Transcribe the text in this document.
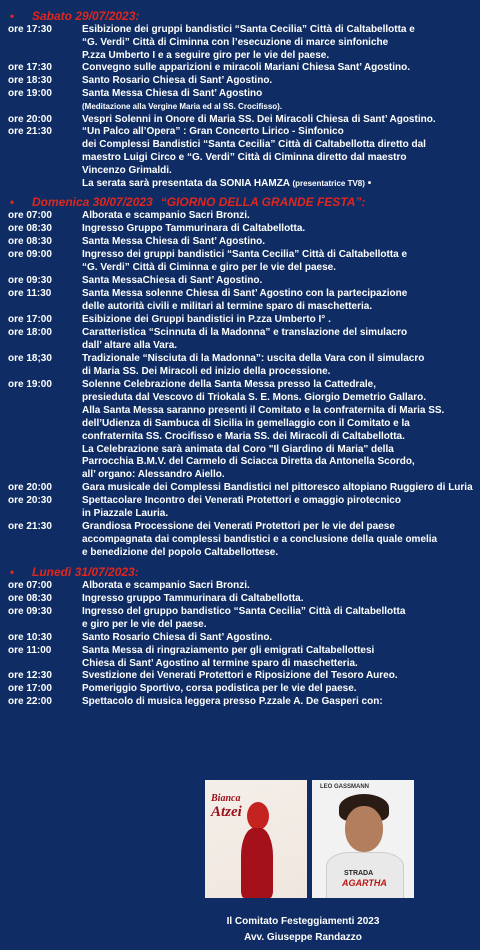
•	Sabato 29/07/2023:
ore 17:30	Esibizione dei gruppi bandistici “Santa Cecilia” Città di Caltabellotta e
“G. Verdi” Città di Ciminna con l’esecuzione di marce sinfoniche
P.zza Umberto I e a seguire giro per le vie del paese.
ore 17:30	Convegno sulle apparizioni e miracoli Mariani Chiesa Sant’ Agostino.
ore 18:30	Santo Rosario Chiesa di Sant’ Agostino.
ore 19:00	Santa Messa Chiesa di Sant’ Agostino
(Meditazione alla Vergine Maria ed al SS. Crocifisso).
ore 20:00	Vespri Solenni in Onore di Maria SS. Dei Miracoli Chiesa di Sant’ Agostino.
ore 21:30	“Un Palco all’Opera” : Gran Concerto Lirico - Sinfonico
dei Complessi Bandistici “Santa Cecilia” Città di Caltabellotta diretto dal
maestro Luigi Circo e “G. Verdi” Città di Ciminna diretto dal maestro
Vincenzo Grimaldi.
La serata sarà presentata da SONIA HAMZA (presentatrice TV8) •
•	Domenica 30/07/2023 “GIORNO DELLA GRANDE FESTA”:
ore 07:00	Alborata e scampanio Sacri Bronzi.
ore 08:30	Ingresso Gruppo Tammurinara di Caltabellotta.
ore 08:30	Santa Messa Chiesa di Sant’ Agostino.
ore 09:00	Ingresso dei gruppi bandistici “Santa Cecilia” Città di Caltabellotta e
“G. Verdi” Città di Ciminna e giro per le vie del paese.
ore 09:30	Santa MessaChiesa di Sant’ Agostino.
ore 11:30	Santa Messa solenne Chiesa di Sant’ Agostino con la partecipazione
delle autorità civili e militari al termine sparo di maschetteria.
ore 17:00	Esibizione dei Gruppi bandistici in P.zza Umberto I° .
ore 18:00	Caratteristica “Scinnuta di la Madonna” e translazione del simulacro
dall’ altare alla Vara.
ore 18;30	Tradizionale “Nisciuta di la Madonna”: uscita della Vara con il simulacro
di Maria SS. Dei Miracoli ed inizio della processione.
ore 19:00	Solenne Celebrazione della Santa Messa presso la Cattedrale,
presieduta dal Vescovo di Triokala S. E. Mons. Giorgio Demetrio Gallaro.
Alla Santa Messa saranno presenti il Comitato e la confraternita di Maria SS.
dell’Udienza di Sambuca di Sicilia in gemellaggio con il Comitato e la
confraternita SS. Crocifisso e Maria SS. dei Miracoli di Caltabellotta.
La Celebrazione sarà animata dal Coro "Il Giardino di Maria" della
Parrocchia B.M.V. del Carmelo di Sciacca Diretta da Antonella Scordo,
all’ organo: Alessandro Aiello.
ore 20:00	Gara musicale dei Complessi Bandistici nel pittoresco altopiano Ruggiero di Luria
ore 20:30	Spettacolare Incontro dei Venerati Protettori e omaggio pirotecnico
in Piazzale Lauria.
ore 21:30	Grandiosa Processione dei Venerati Protettori per le vie del paese
accompagnata dai complessi bandistici e a conclusione della quale omelia
e benedizione del popolo Caltabellottese.
•	Lunedì 31/07/2023:
ore 07:00	Alborata e scampanio Sacri Bronzi.
ore 08:30	Ingresso gruppo Tammurinara di Caltabellotta.
ore 09:30	Ingresso del gruppo bandistico “Santa Cecilia” Città di Caltabellotta
e giro per le vie del paese.
ore 10:30	Santo Rosario Chiesa di Sant’ Agostino.
ore 11:00	Santa Messa di ringraziamento per gli emigrati Caltabellottesi
Chiesa di Sant’ Agostino al termine sparo di maschetteria.
ore 12:30	Svestizione dei Venerati Protettori e Riposizione del Tesoro Aureo.
ore 17:00	Pomeriggio Sportivo, corsa podistica per le vie del paese.
ore 22:00	Spettacolo di musica leggera presso P.zzale A. De Gasperi con:
Bianca
Atzei
LEO GASSMANN
STRADA
AGARTHA
Il Comitato Festeggiamenti 2023
Avv. Giuseppe Randazzo
